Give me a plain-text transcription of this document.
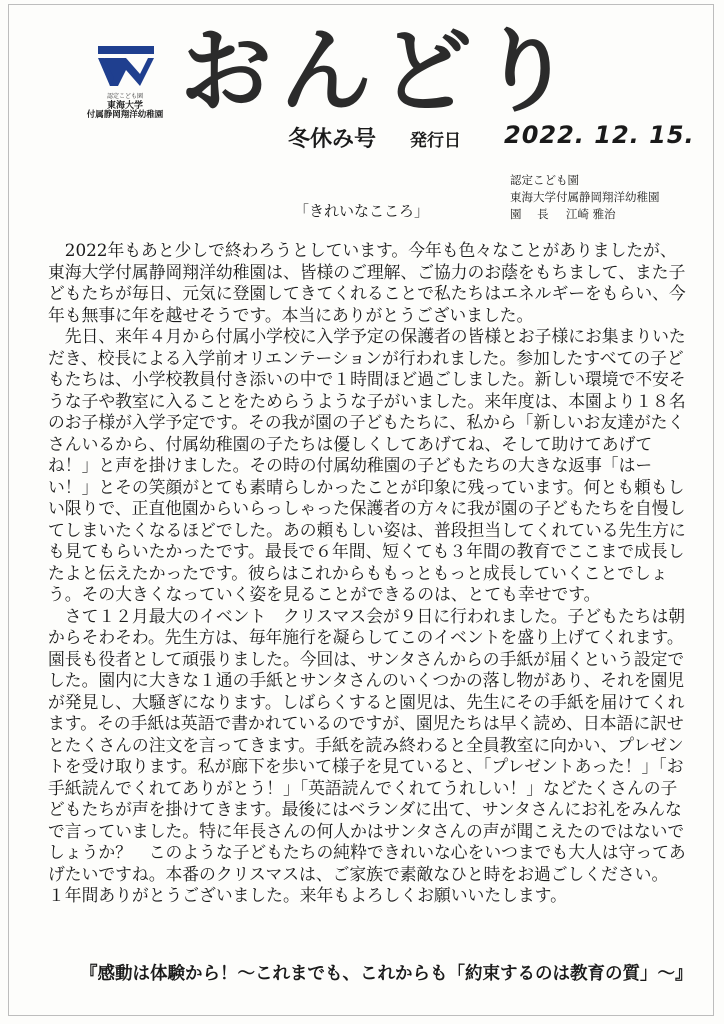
認定こども園
東海大学
付属静岡翔洋幼稚園 おんどり
冬休み号 発行日 2022. 12. 15.
認定こども園
東海大学付属静岡翔洋幼稚園
園 長 江崎 雅治
「きれいなこころ」

　2022年もあと少しで終わろうとしています。今年も色々なことがありましたが、東海大学付属静岡翔洋幼稚園は、皆様のご理解、ご協力のお蔭をもちまして、また子どもたちが毎日、元気に登園してきてくれることで私たちはエネルギーをもらい、今年も無事に年を越せそうです。本当にありがとうございました。

　先日、来年４月から付属小学校に入学予定の保護者の皆様とお子様にお集まりいただき、校長による入学前オリエンテーションが行われました。参加したすべての子どもたちは、小学校教員付き添いの中で１時間ほど過ごしました。新しい環境で不安そうな子や教室に入ることをためらうような子がいました。来年度は、本園より１８名のお子様が入学予定です。その我が園の子どもたちに、私から「新しいお友達がたくさんいるから、付属幼稚園の子たちは優しくしてあげてね、そして助けてあげてね！」と声を掛けました。その時の付属幼稚園の子どもたちの大きな返事「はーい！」とその笑顔がとても素晴らしかったことが印象に残っています。何とも頼もしい限りで、正直他園からいらっしゃった保護者の方々に我が園の子どもたちを自慢してしまいたくなるほどでした。あの頼もしい姿は、普段担当してくれている先生方にも見てもらいたかったです。最長で６年間、短くても３年間の教育でここまで成長したよと伝えたかったです。彼らはこれからももっともっと成長していくことでしょう。その大きくなっていく姿を見ることができるのは、とても幸せです。

　さて１２月最大のイベント　クリスマス会が９日に行われました。子どもたちは朝からそわそわ。先生方は、毎年施行を凝らしてこのイベントを盛り上げてくれます。園長も役者として頑張りました。今回は、サンタさんからの手紙が届くという設定でした。園内に大きな１通の手紙とサンタさんのいくつかの落し物があり、それを園児が発見し、大騒ぎになります。しばらくすると園児は、先生にその手紙を届けてくれます。その手紙は英語で書かれているのですが、園児たちは早く読め、日本語に訳せとたくさんの注文を言ってきます。手紙を読み終わると全員教室に向かい、プレゼントを受け取ります。私が廊下を歩いて様子を見ていると、「プレゼントあった！」「お手紙読んでくれてありがとう！」「英語読んでくれてうれしい！」などたくさんの子どもたちが声を掛けてきます。最後にはベランダに出て、サンタさんにお礼をみんなで言っていました。特に年長さんの何人かはサンタさんの声が聞こえたのではないでしょうか？　このような子どもたちの純粋できれいな心をいつまでも大人は守ってあげたいですね。本番のクリスマスは、ご家族で素敵なひと時をお過ごしください。

１年間ありがとうございました。来年もよろしくお願いいたします。

『感動は体験から！～これまでも、これからも「約束するのは教育の質」～』
